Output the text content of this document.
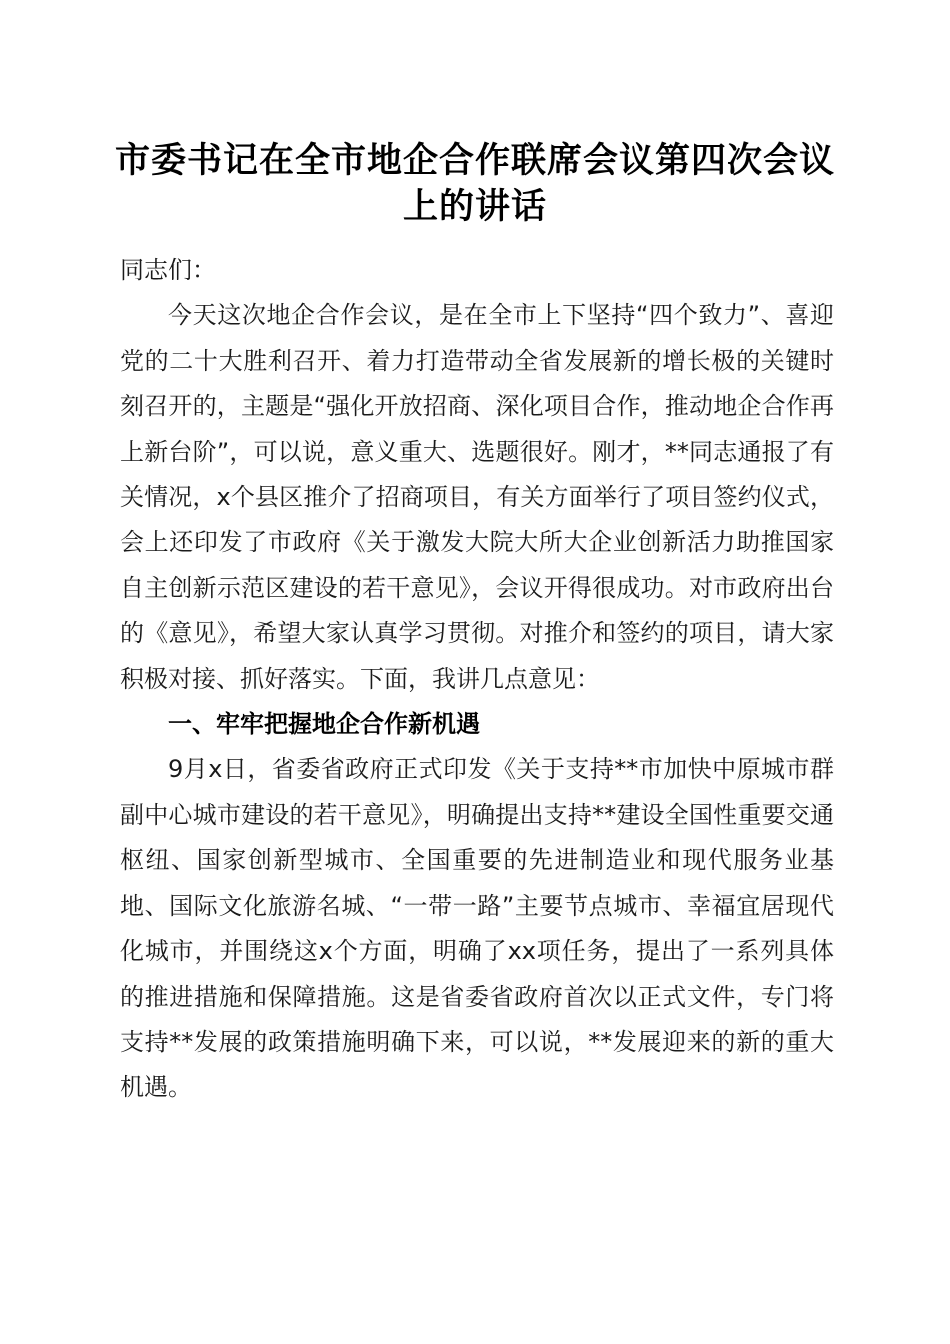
市委书记在全市地企合作联席会议第四次会议
上的讲话

同志们：

今天这次地企合作会议，是在全市上下坚持“四个致力”、喜迎党的二十大胜利召开、着力打造带动全省发展新的增长极的关键时刻召开的，主题是“强化开放招商、深化项目合作，推动地企合作再上新台阶”，可以说，意义重大、选题很好。刚才，**同志通报了有关情况，x个县区推介了招商项目，有关方面举行了项目签约仪式，会上还印发了市政府《关于激发大院大所大企业创新活力助推国家自主创新示范区建设的若干意见》，会议开得很成功。对市政府出台的《意见》，希望大家认真学习贯彻。对推介和签约的项目，请大家积极对接、抓好落实。下面，我讲几点意见：

一、牢牢把握地企合作新机遇

9月x日，省委省政府正式印发《关于支持**市加快中原城市群副中心城市建设的若干意见》，明确提出支持**建设全国性重要交通枢纽、国家创新型城市、全国重要的先进制造业和现代服务业基地、国际文化旅游名城、“一带一路”主要节点城市、幸福宜居现代化城市，并围绕这x个方面，明确了xx项任务，提出了一系列具体的推进措施和保障措施。这是省委省政府首次以正式文件，专门将支持**发展的政策措施明确下来，可以说，**发展迎来的新的重大机遇。
